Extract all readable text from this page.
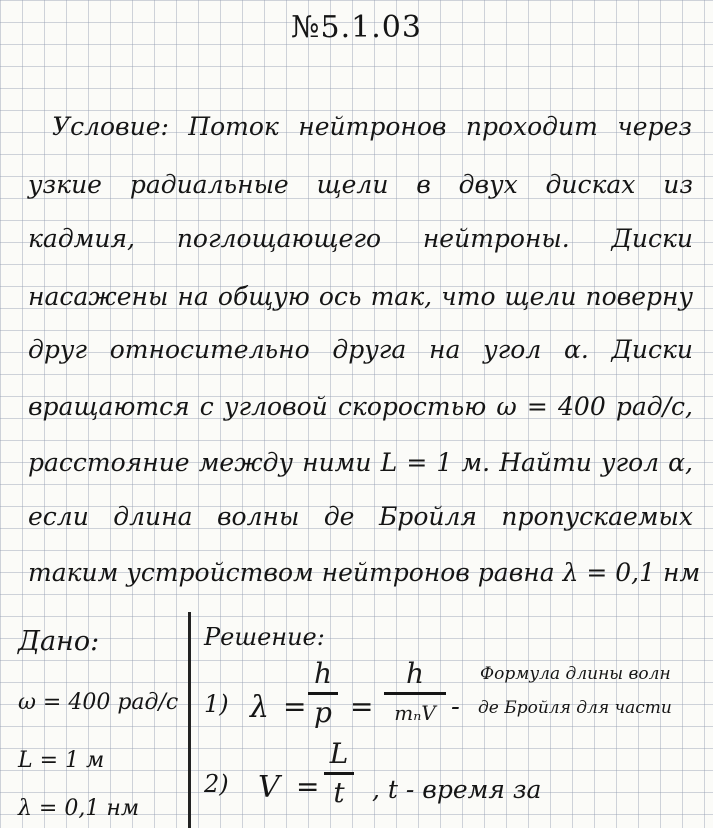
№5.1.03
Условие: Поток нейтронов проходит через
узкие радиальные щели в двух дисках из
кадмия, поглощающего нейтроны. Диски
насажены на общую ось так, что щели поверну
друг относительно друга на угол α. Диски
вращаются с угловой скоростью ω = 400 рад/с,
расстояние между ними L = 1 м. Найти угол α,
если длина волны де Бройля пропускаемых
таким устройством нейтронов равна λ = 0,1 нм
Дано:
ω = 400 рад/с
L = 1 м
λ = 0,1 нм
Решение:
1) λ =
h
p =
h
mₙV -
Формула длины волн
де Бройля для части
2) V =
L
t , t - время за
